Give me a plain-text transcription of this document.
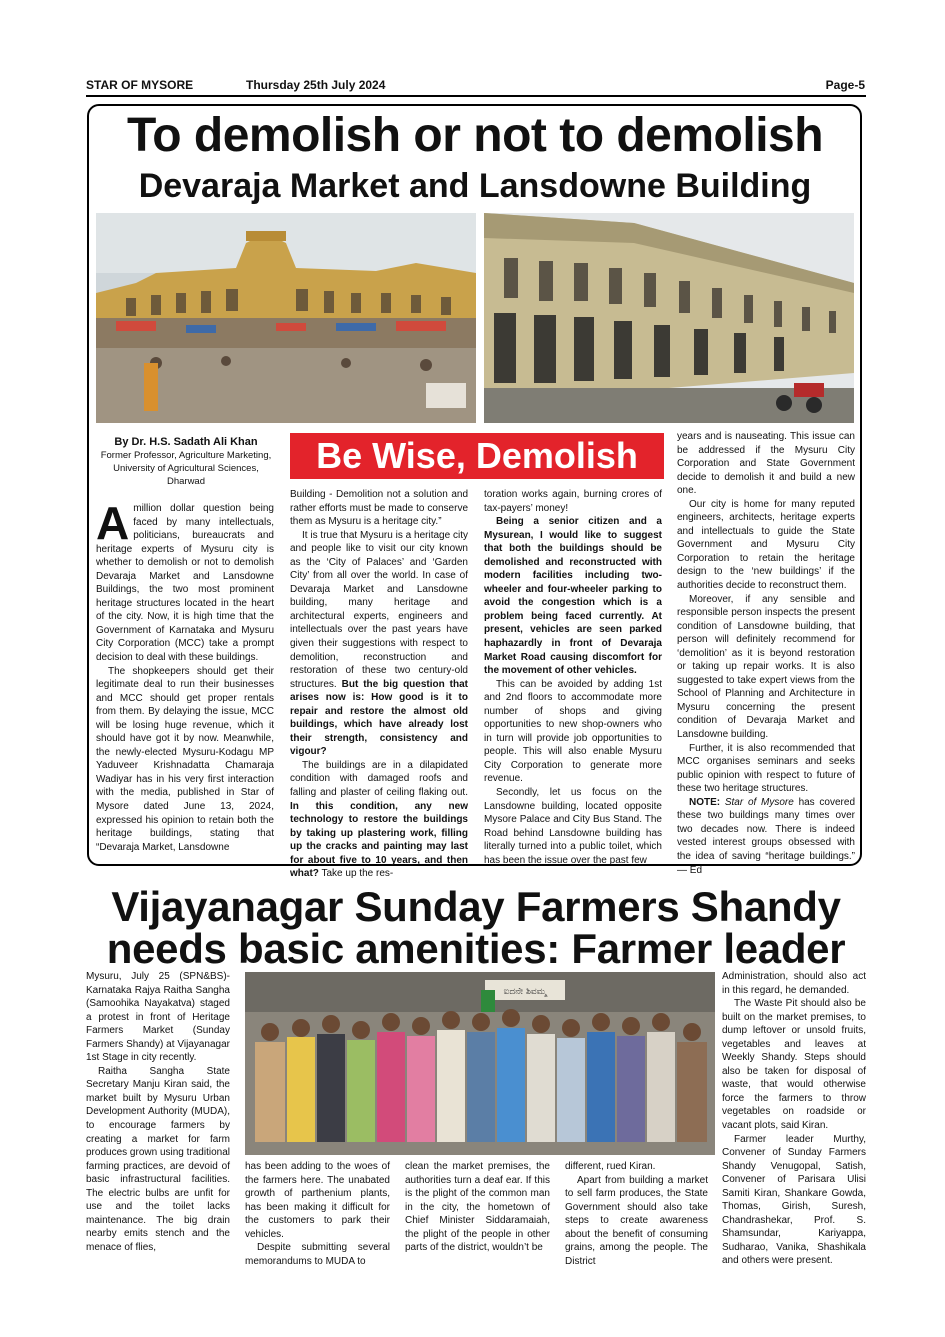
STAR OF MYSORE	Thursday 25th July 2024	Page-5
To demolish or not to demolish
Devaraja Market and Lansdowne Building
By Dr. H.S. Sadath Ali Khan
Former Professor, Agriculture Marketing,
University of Agricultural Sciences,
Dharwad
Be Wise, Demolish

Amillion dollar question being faced by many intellectuals, politicians, bureaucrats and heritage experts of Mysuru city is whether to demolish or not to demolish Devaraja Market and Lansdowne Buildings, the two most prominent heritage structures located in the heart of the city. Now, it is high time that the Government of Karnataka and Mysuru City Corporation (MCC) take a prompt decision to deal with these buildings.

The shopkeepers should get their legitimate deal to run their businesses and MCC should get proper rentals from them. By delaying the issue, MCC will be losing huge revenue, which it should have got it by now. Meanwhile, the newly-elected Mysuru-Kodagu MP Yaduveer Krishnadatta Chamaraja Wadiyar has in his very first interaction with the media, published in Star of Mysore dated June 13, 2024, expressed his opinion to retain both the heritage buildings, stating that “Devaraja Market, Lansdowne

Building - Demolition not a solution and rather efforts must be made to conserve them as Mysuru is a heritage city.”

It is true that Mysuru is a heritage city and people like to visit our city known as the ‘City of Palaces’ and ‘Garden City’ from all over the world. In case of Devaraja Market and Lansdowne building, many heritage and architectural experts, engineers and intellectuals over the past years have given their suggestions with respect to demolition, reconstruction and restoration of these two century-old structures. But the big question that arises now is: How good is it to repair and restore the almost old buildings, which have already lost their strength, consistency and vigour?

The buildings are in a dilapidated condition with damaged roofs and falling and plaster of ceiling flaking out. In this condition, any new technology to restore the buildings by taking up plastering work, filling up the cracks and painting may last for about five to 10 years, and then what? Take up the res-

toration works again, burning crores of tax-payers’ money!

Being a senior citizen and a Mysurean, I would like to suggest that both the buildings should be demolished and reconstructed with modern facilities including two-wheeler and four-wheeler parking to avoid the congestion which is a problem being faced currently. At present, vehicles are seen parked haphazardly in front of Devaraja Market Road causing discomfort for the movement of other vehicles.

This can be avoided by adding 1st and 2nd floors to accommodate more number of shops and giving opportunities to new shop-owners who in turn will provide job opportunities to people. This will also enable Mysuru City Corporation to generate more revenue.

Secondly, let us focus on the Lansdowne building, located opposite Mysore Palace and City Bus Stand. The Road behind Lansdowne building has literally turned into a public toilet, which has been the issue over the past few

years and is nauseating. This issue can be addressed if the Mysuru City Corporation and State Government decide to demolish it and build a new one.

Our city is home for many reputed engineers, architects, heritage experts and intellectuals to guide the State Government and Mysuru City Corporation to retain the heritage design to the ‘new buildings’ if the authorities decide to reconstruct them.

Moreover, if any sensible and responsible person inspects the present condition of Lansdowne building, that person will definitely recommend for ‘demolition’ as it is beyond restoration or taking up repair works. It is also suggested to take expert views from the School of Planning and Architecture in Mysuru concerning the present condition of Devaraja Market and Lansdowne building.

Further, it is also recommended that MCC organises seminars and seeks public opinion with respect to future of these two heritage structures.

NOTE: Star of Mysore has covered these two buildings many times over two decades now. There is indeed vested interest groups obsessed with the idea of saving “heritage buildings.” — Ed

Vijayanagar Sunday Farmers Shandy
needs basic amenities: Farmer leader
ಐದನೇ ಶಿವಮ್ಮ

Mysuru, July 25 (SPN&BS)- Karnataka Rajya Raitha Sangha (Samoohika Nayakatva) staged a protest in front of Heritage Farmers Market (Sunday Farmers Shandy) at Vijayanagar 1st Stage in city recently.

Raitha Sangha State Secretary Manju Kiran said, the market built by Mysuru Urban Development Authority (MUDA), to encourage farmers by creating a market for farm produces grown using traditional farming practices, are devoid of basic infrastructural facilities. The electric bulbs are unfit for use and the toilet lacks maintenance. The big drain nearby emits stench and the menace of flies,

has been adding to the woes of the farmers here. The unabated growth of parthenium plants, has been making it difficult for the customers to park their vehicles.

Despite submitting several memorandums to MUDA to

clean the market premises, the authorities turn a deaf ear. If this is the plight of the common man in the city, the hometown of Chief Minister Siddaramaiah, the plight of the people in other parts of the district, wouldn’t be

different, rued Kiran.

Apart from building a market to sell farm produces, the State Government should also take steps to create awareness about the benefit of consuming grains, among the people. The District

Administration, should also act in this regard, he demanded.

The Waste Pit should also be built on the market premises, to dump leftover or unsold fruits, vegetables and leaves at Weekly Shandy. Steps should also be taken for disposal of waste, that would otherwise force the farmers to throw vegetables on roadside or vacant plots, said Kiran.

Farmer leader Murthy, Convener of Sunday Farmers Shandy Venugopal, Satish, Convener of Parisara Ulisi Samiti Kiran, Shankare Gowda, Thomas, Girish, Suresh, Chandrashekar, Prof. S. Shamsundar, Kariyappa, Sudharao, Vanika, Shashikala and others were present.
